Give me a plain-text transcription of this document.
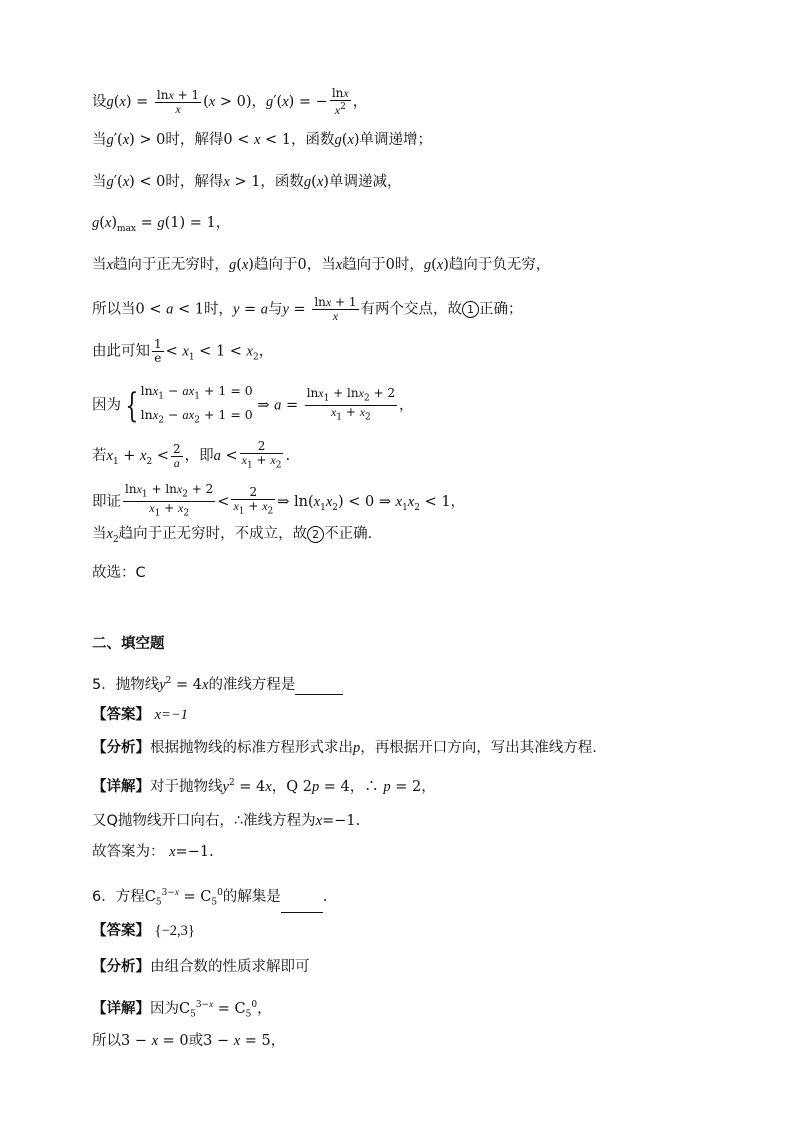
设$g(x) = \frac{\ln x + 1}{x} (x > 0)$，g′(x) = − $\frac{\ln x}{x^2}$ ，
当g′(x) > 0时，解得0 < x < 1，函数g(x)单调递增；
当g′(x) < 0时，解得x > 1，函数g(x)单调递减，
$g(x)_{max} = g(1) = 1$，
当x趋向于正无穷时，g(x)趋向于0，当x趋向于0时，g(x)趋向于负无穷，
所以当0 < a < 1时，y = a与$y = \frac{\ln x + 1}{x}$ 有两个交点，故 1 正确；
由此可知 $\frac{1}{e} < x_1 < 1 < x_2$，
因为 { $\ln x_1 - ax_1 + 1 = 0$
$\ln x_2 - ax_2 + 1 = 0$ ⇒ $a = \frac{\ln x_1 + \ln x_2 + 2}{x_1 + x_2}$ ，
若$x_1 + x_2 < \frac{2}{a}$ ，即$a < \frac{2}{x_1 + x_2}$ .
即证 $\frac{\ln x_1 + \ln x_2 + 2}{x_1 + x_2} < \frac{2}{x_1 + x_2}$ ⇒ $\ln(x_1x_2) < 0$ ⇒ $x_1x_2 < 1$，
当$x_2$趋向于正无穷时，不成立，故 2 不正确.
故选：C
二、填空题
5．抛物线$y^2 = 4x$的准线方程是
【答案】 x=−1
【分析】根据抛物线的标准方程形式求出p，再根据开口方向，写出其准线方程.
【详解】对于抛物线$y^2 = 4x$，Q 2p = 4，∴ p = 2，
又Q抛物线开口向右，∴准线方程为x=−1.
故答案为： x=−1.
6．方程$C_5^{3-x} = C_5^0$的解集是	.
【答案】 {−2,3}
【分析】由组合数的性质求解即可
【详解】因为$C_5^{3-x} = C_5^0$，
所以3 − x = 0或3 − x = 5，
